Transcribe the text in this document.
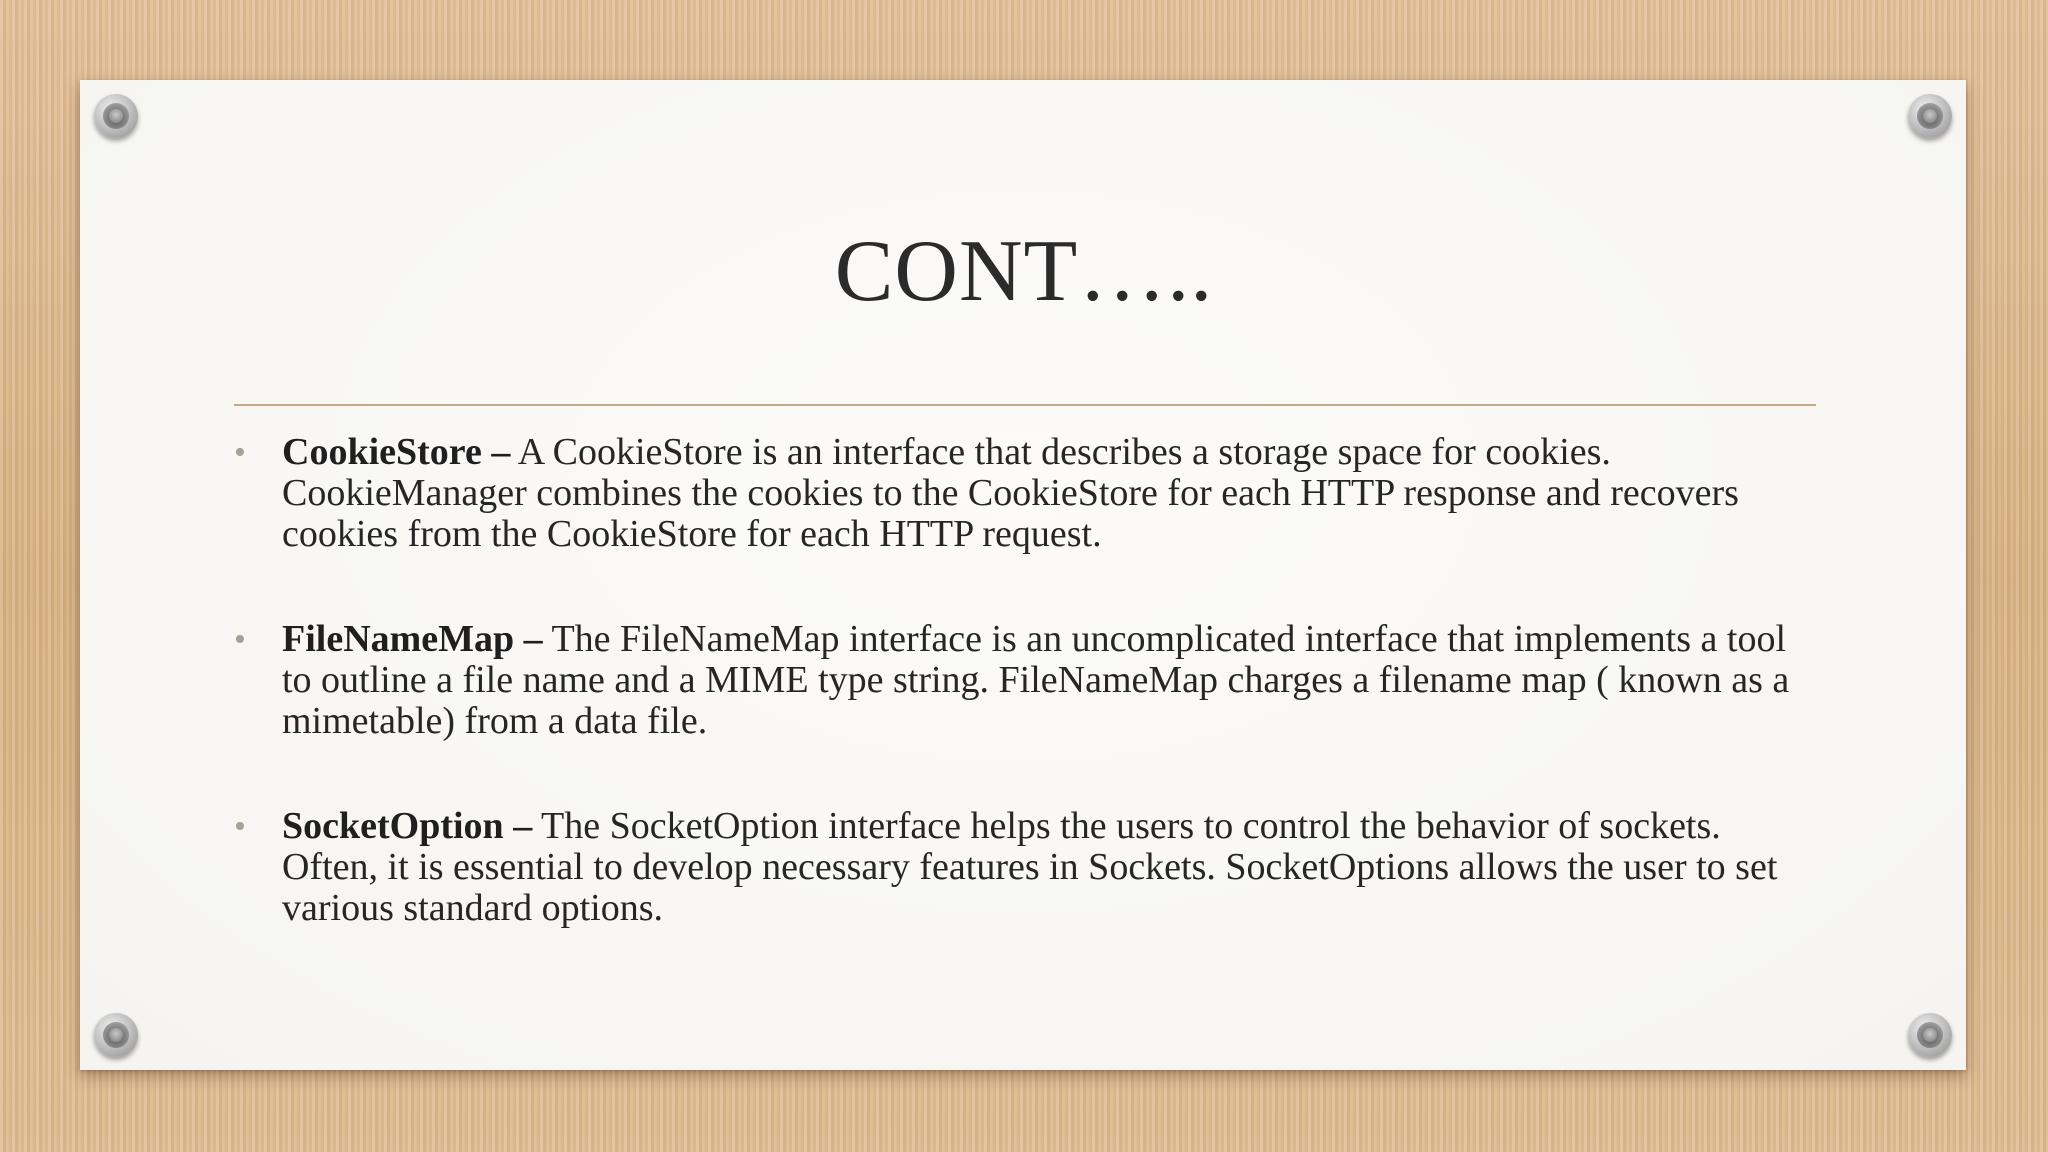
CONT…..
• CookieStore – A CookieStore is an interface that describes a storage space for cookies. CookieManager combines the cookies to the CookieStore for each HTTP response and recovers cookies from the CookieStore for each HTTP request.
• FileNameMap – The FileNameMap interface is an uncomplicated interface that implements a tool to outline a file name and a MIME type string. FileNameMap charges a filename map ( known as a mimetable) from a data file.
• SocketOption – The SocketOption interface helps the users to control the behavior of sockets. Often, it is essential to develop necessary features in Sockets. SocketOptions allows the user to set various standard options.
